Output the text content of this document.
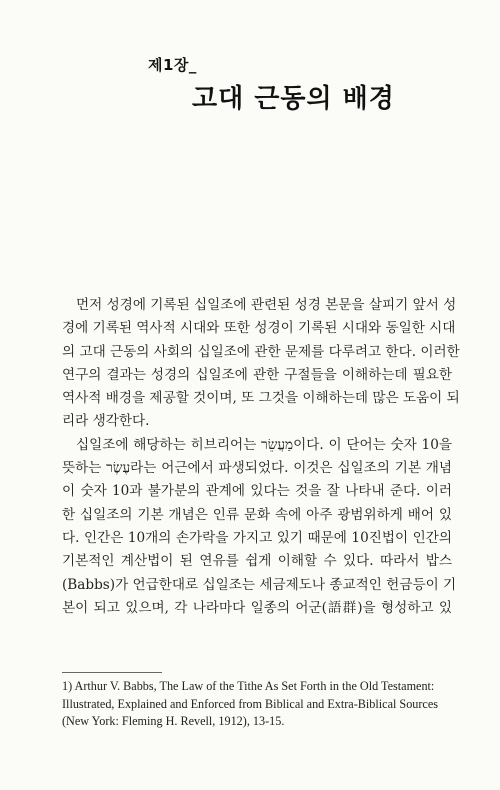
제1장_
고대 근동의 배경
먼저 성경에 기록된 십일조에 관련된 성경 본문을 살피기 앞서 성
경에 기록된 역사적 시대와 또한 성경이 기록된 시대와 동일한 시대
의 고대 근동의 사회의 십일조에 관한 문제를 다루려고 한다. 이러한
연구의 결과는 성경의 십일조에 관한 구절들을 이해하는데 필요한
역사적 배경을 제공할 것이며, 또 그것을 이해하는데 많은 도움이 되
리라 생각한다.
십일조에 해당하는 히브리어는 מַעֲשֵׂר이다. 이 단어는 숫자 10을
뜻하는 עֶשֶׂר라는 어근에서 파생되었다. 이것은 십일조의 기본 개념
이 숫자 10과 불가분의 관계에 있다는 것을 잘 나타내 준다. 이러
한 십일조의 기본 개념은 인류 문화 속에 아주 광범위하게 배어 있
다. 인간은 10개의 손가락을 가지고 있기 때문에 10진법이 인간의
기본적인 계산법이 된 연유를 쉽게 이해할 수 있다. 따라서 밥스
(Babbs)가 언급한대로 십일조는 세금제도나 종교적인 헌금등이 기
본이 되고 있으며, 각 나라마다 일종의 어군(語群)을 형성하고 있
1) Arthur V. Babbs, The Law of the Tithe As Set Forth in the Old Testament:
Illustrated, Explained and Enforced from Biblical and Extra-Biblical Sources
(New York: Fleming H. Revell, 1912), 13-15.
